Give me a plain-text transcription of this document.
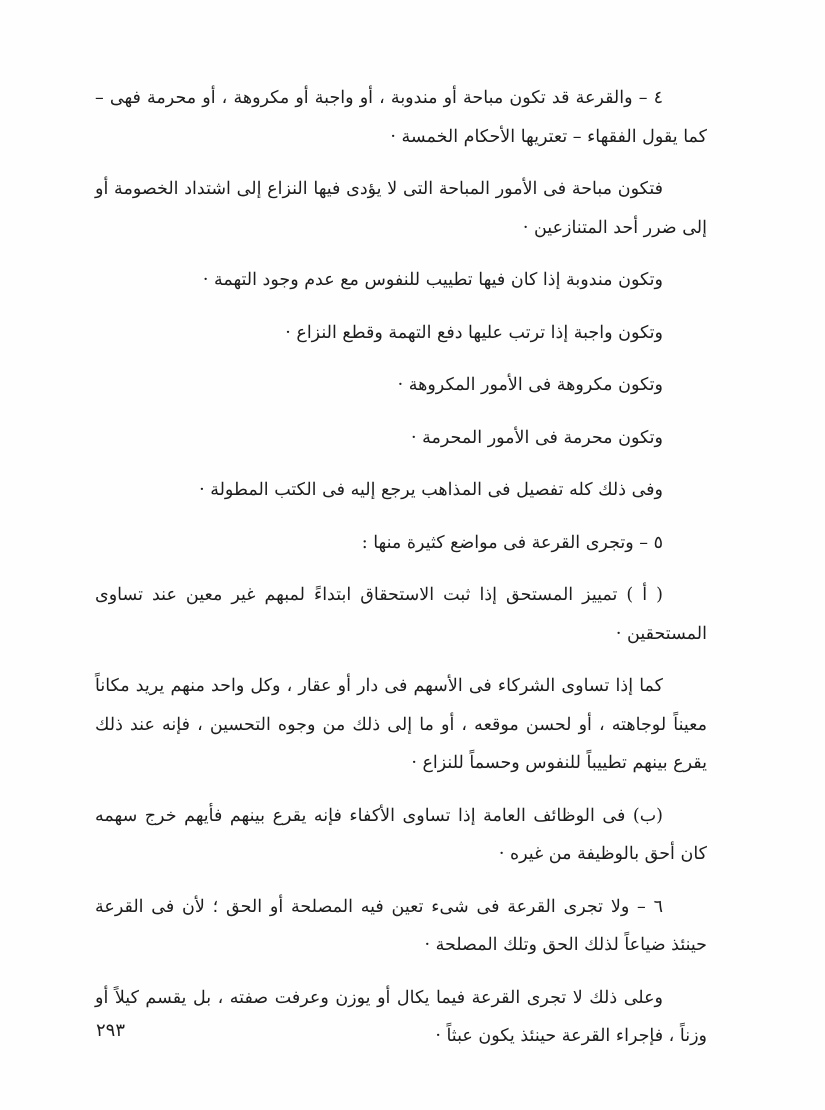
٤ – والقرعة قد تكون مباحة أو مندوبة ، أو واجبة أو مكروهة ، أو محرمة فهى – كما يقول الفقهاء – تعتريها الأحكام الخمسة ·

فتكون مباحة فى الأمور المباحة التى لا يؤدى فيها النزاع إلى اشتداد الخصومة أو إلى ضرر أحد المتنازعين ·

وتكون مندوبة إذا كان فيها تطييب للنفوس مع عدم وجود التهمة ·

وتكون واجبة إذا ترتب عليها دفع التهمة وقطع النزاع ·

وتكون مكروهة فى الأمور المكروهة ·

وتكون محرمة فى الأمور المحرمة ·

وفى ذلك كله تفصيل فى المذاهب يرجع إليه فى الكتب المطولة ·

٥ – وتجرى القرعة فى مواضع كثيرة منها :

( أ ) تمييز المستحق إذا ثبت الاستحقاق ابتداءً لمبهم غير معين عند تساوى المستحقين ·

كما إذا تساوى الشركاء فى الأسهم فى دار أو عقار ، وكل واحد منهم يريد مكاناً معيناً لوجاهته ، أو لحسن موقعه ، أو ما إلى ذلك من وجوه التحسين ، فإنه عند ذلك يقرع بينهم تطييباً للنفوس وحسماً للنزاع ·

(ب) فى الوظائف العامة إذا تساوى الأكفاء فإنه يقرع بينهم فأيهم خرج سهمه كان أحق بالوظيفة من غيره ·

٦ – ولا تجرى القرعة فى شىء تعين فيه المصلحة أو الحق ؛ لأن فى القرعة حينئذ ضياعاً لذلك الحق وتلك المصلحة ·

وعلى ذلك لا تجرى القرعة فيما يكال أو يوزن وعرفت صفته ، بل يقسم كيلاً أو وزناً ، فإجراء القرعة حينئذ يكون عبثاً ·

٢٩٣
